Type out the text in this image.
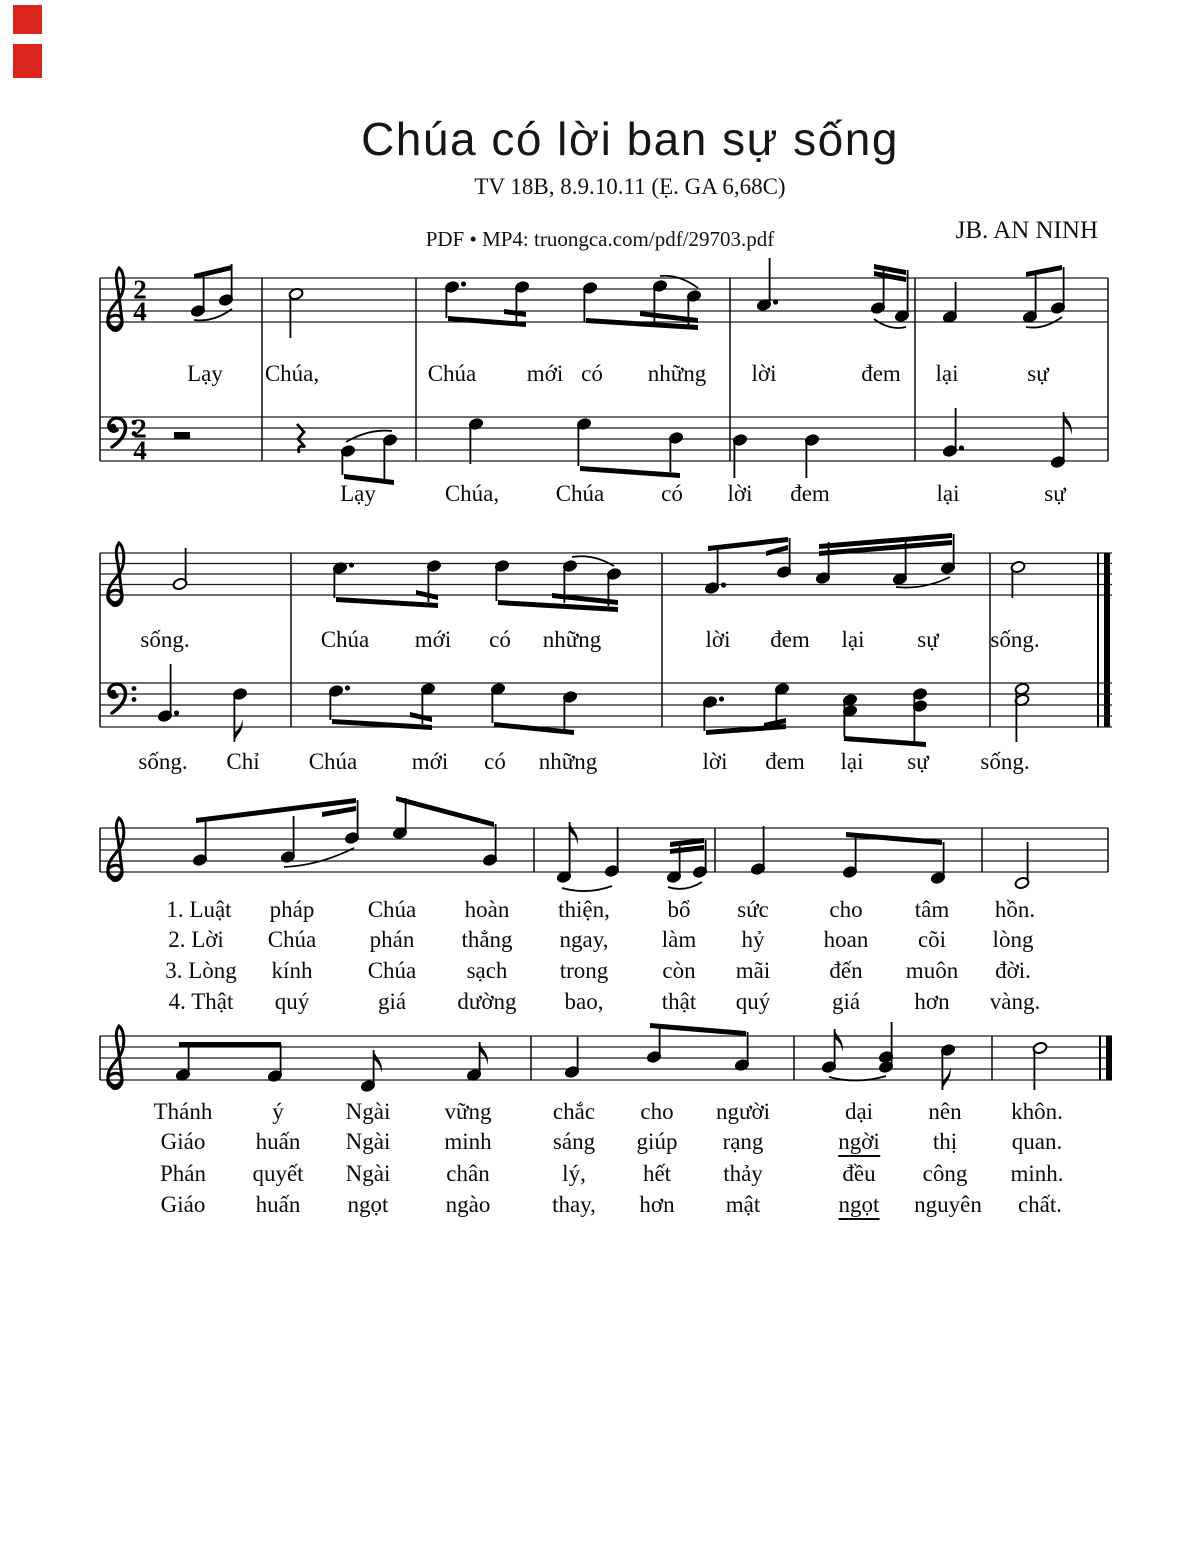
2
4
2
4
Chúa có lời ban sự sống
TV 18B, 8.9.10.11 (Ẹ. GA 6,68C)
PDF • MP4: truongca.com/pdf/29703.pdf	JB. AN NINH
Lạy Chúa,	Chúa mới có những lời	đem lại	sự
Lạy	Chúa, Chúa có lời đem	lại	sự
sống.	Chúa mới có những	lời đem lại sự sống.
sống. Chỉ Chúa mới có những	lời đem lại sự sống.
1. Luật pháp Chúa hoàn thiện,	bổ sức	cho tâm hồn.
2. Lời Chúa phán thẳng ngay, làm hỷ	hoan cõi lòng
3. Lòng kính Chúa sạch trong còn mãi	đến muôn đời.
4. Thật quý	giá dường bao,	thật quý	giá hơn vàng.
Thánh	ý	Ngài vững	chắc cho người	dại nên khôn.
Giáo huấn Ngài minh	sáng giúp rạng	ngời thị quan.
Phán quyết Ngài chân	lý, hết thảy	đều công minh.
Giáo huấn ngọt ngào	thay, hơn mật	ngọt nguyên chất.
